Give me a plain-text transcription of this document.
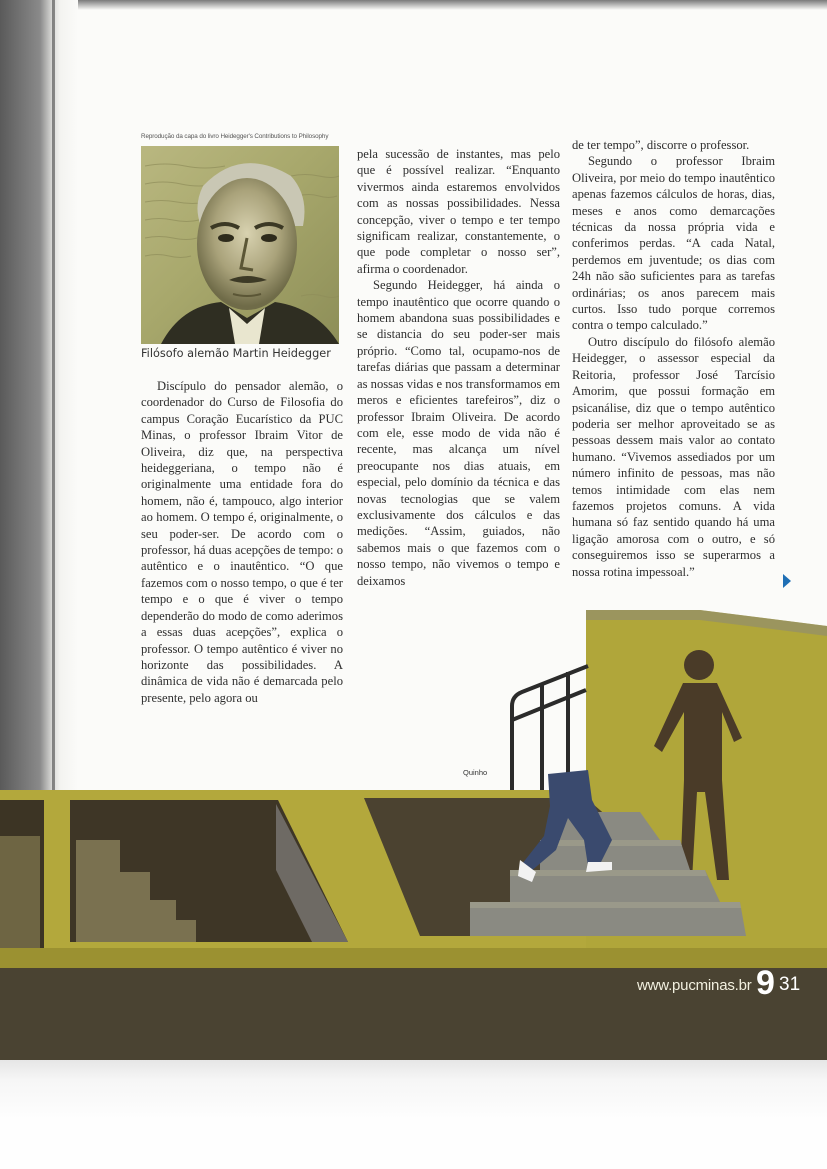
Reprodução da capa do livro Heidegger's Contributions to Philosophy
Filósofo alemão Martin Heidegger

Discípulo do pensador alemão, o coordenador do Curso de Filosofia do campus Coração Eucarístico da PUC Minas, o professor Ibraim Vitor de Oliveira, diz que, na perspectiva heideggeriana, o tempo não é originalmente uma entidade fora do homem, não é, tampouco, algo interior ao homem. O tempo é, originalmente, o seu poder-ser. De acordo com o professor, há duas acepções de tempo: o autêntico e o inautêntico. “O que fazemos com o nosso tempo, o que é ter tempo e o que é viver o tempo dependerão do modo de como aderimos a essas duas acepções”, explica o professor. O tempo autêntico é viver no horizonte das possibilidades. A dinâmica de vida não é demarcada pelo presente, pelo agora ou

pela sucessão de instantes, mas pelo que é possível realizar. “Enquanto vivermos ainda estaremos envolvidos com as nossas possibilidades. Nessa concepção, viver o tempo e ter tempo significam realizar, constantemente, o que pode completar o nosso ser”, afirma o coordenador.

Segundo Heidegger, há ainda o tempo inautêntico que ocorre quando o homem abandona suas possibilidades e se distancia do seu poder-ser mais próprio. “Como tal, ocupamo-nos de tarefas diárias que passam a determinar as nossas vidas e nos transformamos em meros e eficientes tarefeiros”, diz o professor Ibraim Oliveira. De acordo com ele, esse modo de vida não é recente, mas alcança um nível preocupante nos dias atuais, em especial, pelo domínio da técnica e das novas tecnologias que se valem exclusivamente dos cálculos e das medições. “Assim, guiados, não sabemos mais o que fazemos com o nosso tempo, não vivemos o tempo e deixamos

de ter tempo”, discorre o professor.

Segundo o professor Ibraim Oliveira, por meio do tempo inautêntico apenas fazemos cálculos de horas, dias, meses e anos como demarcações técnicas da nossa própria vida e conferimos perdas. “A cada Natal, perdemos em juventude; os dias com 24h não são suficientes para as tarefas ordinárias; os anos parecem mais curtos. Isso tudo porque corremos contra o tempo calculado.”

Outro discípulo do filósofo alemão Heidegger, o assessor especial da Reitoria, professor José Tarcísio Amorim, que possui formação em psicanálise, diz que o tempo autêntico poderia ser melhor aproveitado se as pessoas dessem mais valor ao contato humano. “Vivemos assediados por um número infinito de pessoas, mas não temos intimidade com elas nem fazemos projetos comuns. A vida humana só faz sentido quando há uma ligação amorosa com o outro, e só conseguiremos isso se superarmos a nossa rotina impessoal.”

Quinho
www.pucminas.br 9 31
